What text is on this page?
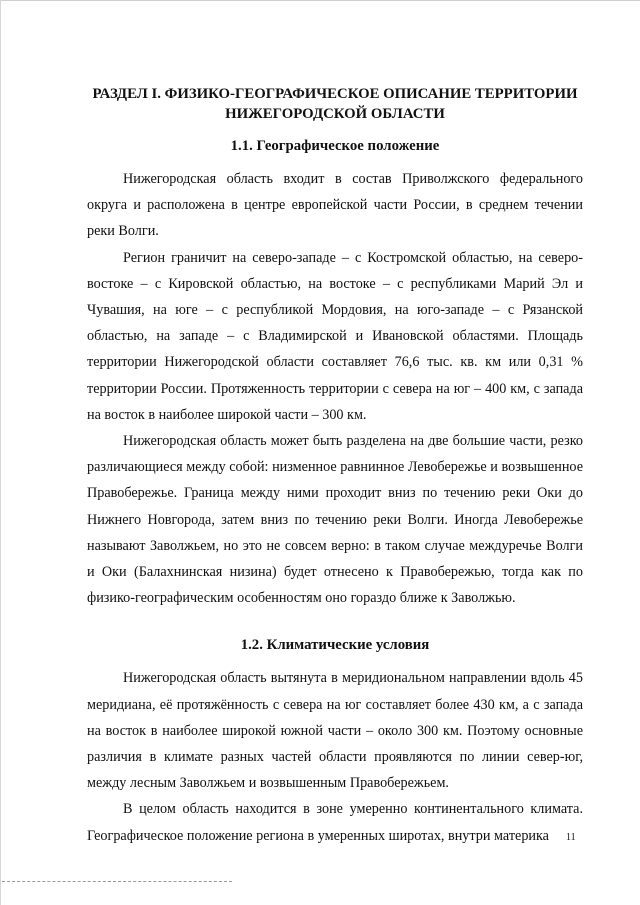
РАЗДЕЛ I. ФИЗИКО-ГЕОГРАФИЧЕСКОЕ ОПИСАНИЕ ТЕРРИТОРИИ
НИЖЕГОРОДСКОЙ ОБЛАСТИ
1.1. Географическое положение

Нижегородская область входит в состав Приволжского федерального округа и расположена в центре европейской части России, в среднем течении реки Волги.

Регион граничит на северо-западе – с Костромской областью, на северо-востоке – с Кировской областью, на востоке – с республиками Марий Эл и Чувашия, на юге – с республикой Мордовия, на юго-западе – с Рязанской областью, на западе – с Владимирской и Ивановской областями. Площадь территории Нижегородской области составляет 76,6 тыс. кв. км или 0,31 % территории России. Протяженность территории с севера на юг – 400 км, с запада на восток в наиболее широкой части – 300 км.

Нижегородская область может быть разделена на две большие части, резко различающиеся между собой: низменное равнинное Левобережье и возвышенное Правобережье. Граница между ними проходит вниз по течению реки Оки до Нижнего Новгорода, затем вниз по течению реки Волги. Иногда Левобережье называют Заволжьем, но это не совсем верно: в таком случае междуречье Волги и Оки (Балахнинская низина) будет отнесено к Правобережью, тогда как по физико-географическим особенностям оно гораздо ближе к Заволжью.

1.2. Климатические условия

Нижегородская область вытянута в меридиональном направлении вдоль 45 меридиана, её протяжённость с севера на юг составляет более 430 км, а с запада на восток в наиболее широкой южной части – около 300 км. Поэтому основные различия в климате разных частей области проявляются по линии север-юг, между лесным Заволжьем и возвышенным Правобережьем.

В целом область находится в зоне умеренно континентального климата. Географическое положение региона в умеренных широтах, внутри материка	11
